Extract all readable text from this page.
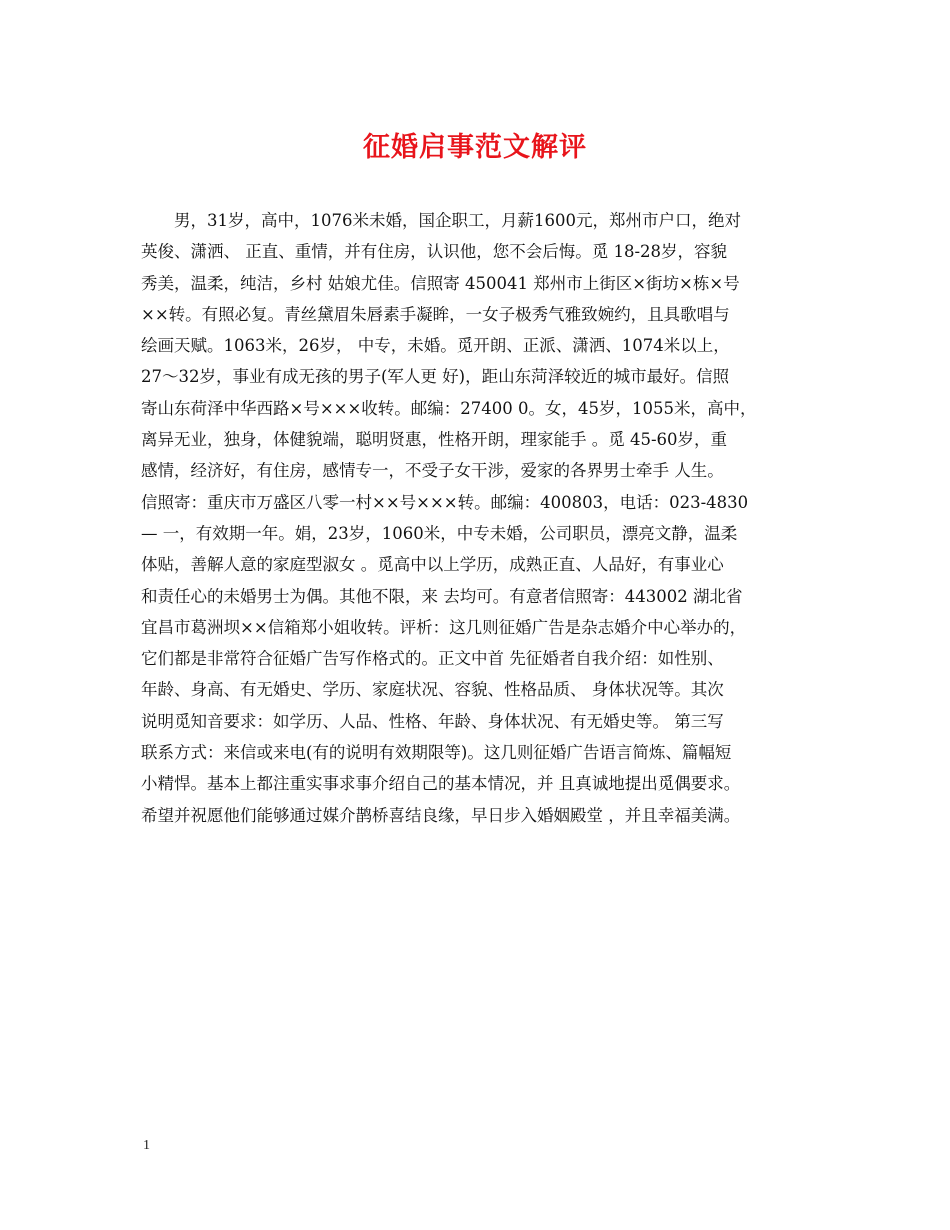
征婚启事范文解评
男，31岁，高中，1076米未婚，国企职工，月薪1600元，郑州市户口，绝对
英俊、潇洒、 正直、重情，并有住房，认识他，您不会后悔。觅 18-28岁，容貌
秀美，温柔，纯洁，乡村 姑娘尤佳。信照寄 450041 郑州市上街区×街坊×栋×号
××转。有照必复。青丝黛眉朱唇素手凝眸，一女子极秀气雅致婉约，且具歌唱与
绘画天赋。1063米，26岁， 中专，未婚。觅开朗、正派、潇洒、1074米以上，
27～32岁，事业有成无孩的男子(军人更 好)，距山东菏泽较近的城市最好。信照
寄山东荷泽中华西路×号×××收转。邮编：27400 0。女，45岁，1055米，高中，
离异无业，独身，体健貌端，聪明贤惠，性格开朗，理家能手 。觅 45-60岁，重
感情，经济好，有住房，感情专一，不受子女干涉，爱家的各界男士牵手 人生。
信照寄：重庆市万盛区八零一村××号×××转。邮编：400803，电话：023-4830
— 一，有效期一年。娟，23岁，1060米，中专未婚，公司职员，漂亮文静，温柔
体贴，善解人意的家庭型淑女 。觅高中以上学历，成熟正直、人品好，有事业心
和责任心的未婚男士为偶。其他不限，来 去均可。有意者信照寄：443002 湖北省
宜昌市葛洲坝××信箱郑小姐收转。评析：这几则征婚广告是杂志婚介中心举办的，
它们都是非常符合征婚广告写作格式的。正文中首 先征婚者自我介绍：如性别、
年龄、身高、有无婚史、学历、家庭状况、容貌、性格品质、 身体状况等。其次
说明觅知音要求：如学历、人品、性格、年龄、身体状况、有无婚史等。 第三写
联系方式：来信或来电(有的说明有效期限等)。这几则征婚广告语言简炼、篇幅短
小精悍。基本上都注重实事求事介绍自己的基本情况，并 且真诚地提出觅偶要求。
希望并祝愿他们能够通过媒介鹊桥喜结良缘，早日步入婚姻殿堂 ，并且幸福美满。
1
